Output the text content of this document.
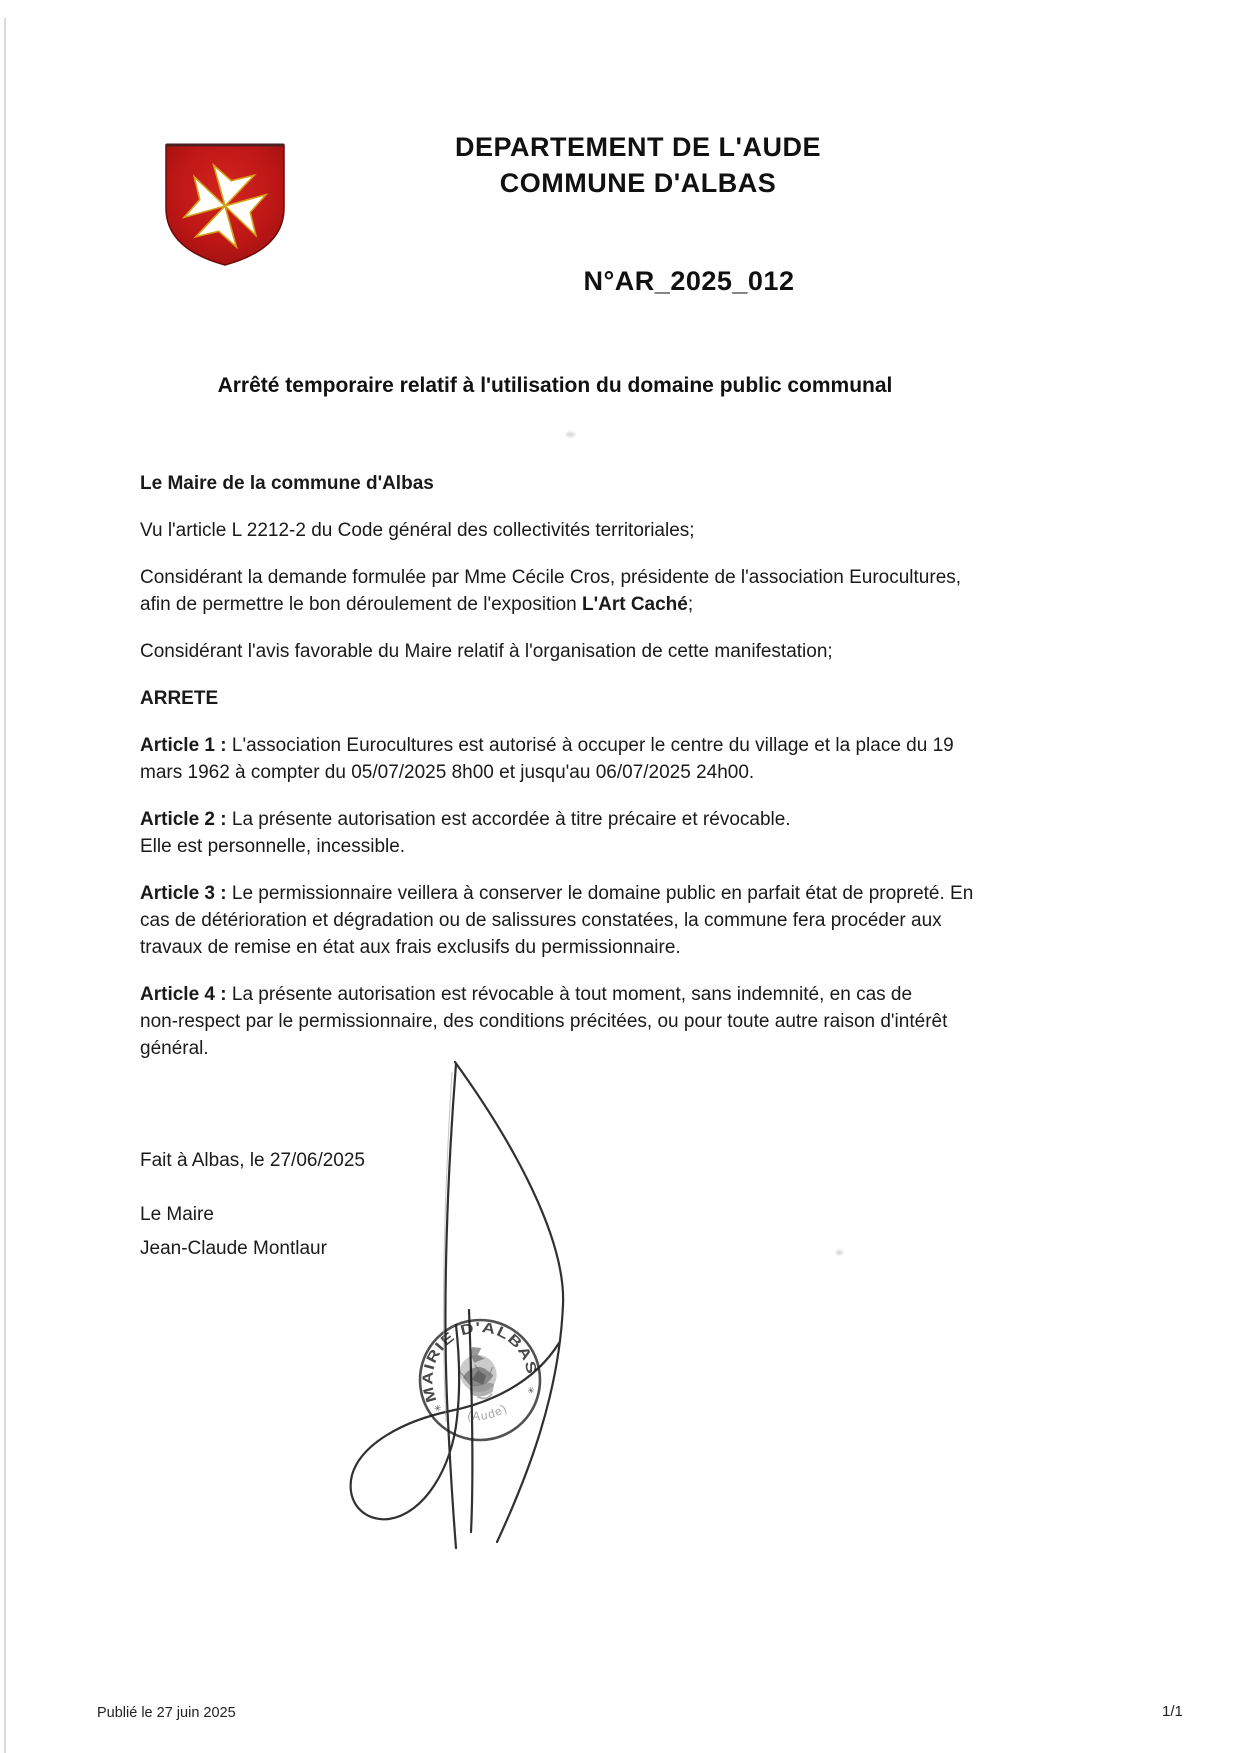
DEPARTEMENT DE L'AUDE
COMMUNE D'ALBAS
N°AR_2025_012
Arrêté temporaire relatif à l'utilisation du domaine public communal

Le Maire de la commune d'Albas

Vu l'article L 2212-2 du Code général des collectivités territoriales;

Considérant la demande formulée par Mme Cécile Cros, présidente de l'association Eurocultures,
afin de permettre le bon déroulement de l'exposition L'Art Caché;

Considérant l'avis favorable du Maire relatif à l'organisation de cette manifestation;

ARRETE

Article 1 : L'association Eurocultures est autorisé à occuper le centre du village et la place du 19
mars 1962 à compter du 05/07/2025 8h00 et jusqu'au 06/07/2025 24h00.

Article 2 : La présente autorisation est accordée à titre précaire et révocable.
Elle est personnelle, incessible.

Article 3 : Le permissionnaire veillera à conserver le domaine public en parfait état de propreté. En
cas de détérioration et dégradation ou de salissures constatées, la commune fera procéder aux
travaux de remise en état aux frais exclusifs du permissionnaire.

Article 4 : La présente autorisation est révocable à tout moment, sans indemnité, en cas de
non-respect par le permissionnaire, des conditions précitées, ou pour toute autre raison d'intérêt
général.

Fait à Albas, le 27/06/2025
Le Maire
Jean-Claude Montlaur
MAIRIE D'ALBAS
(Aude)
✳
✳
Publié le 27 juin 2025	1/1
